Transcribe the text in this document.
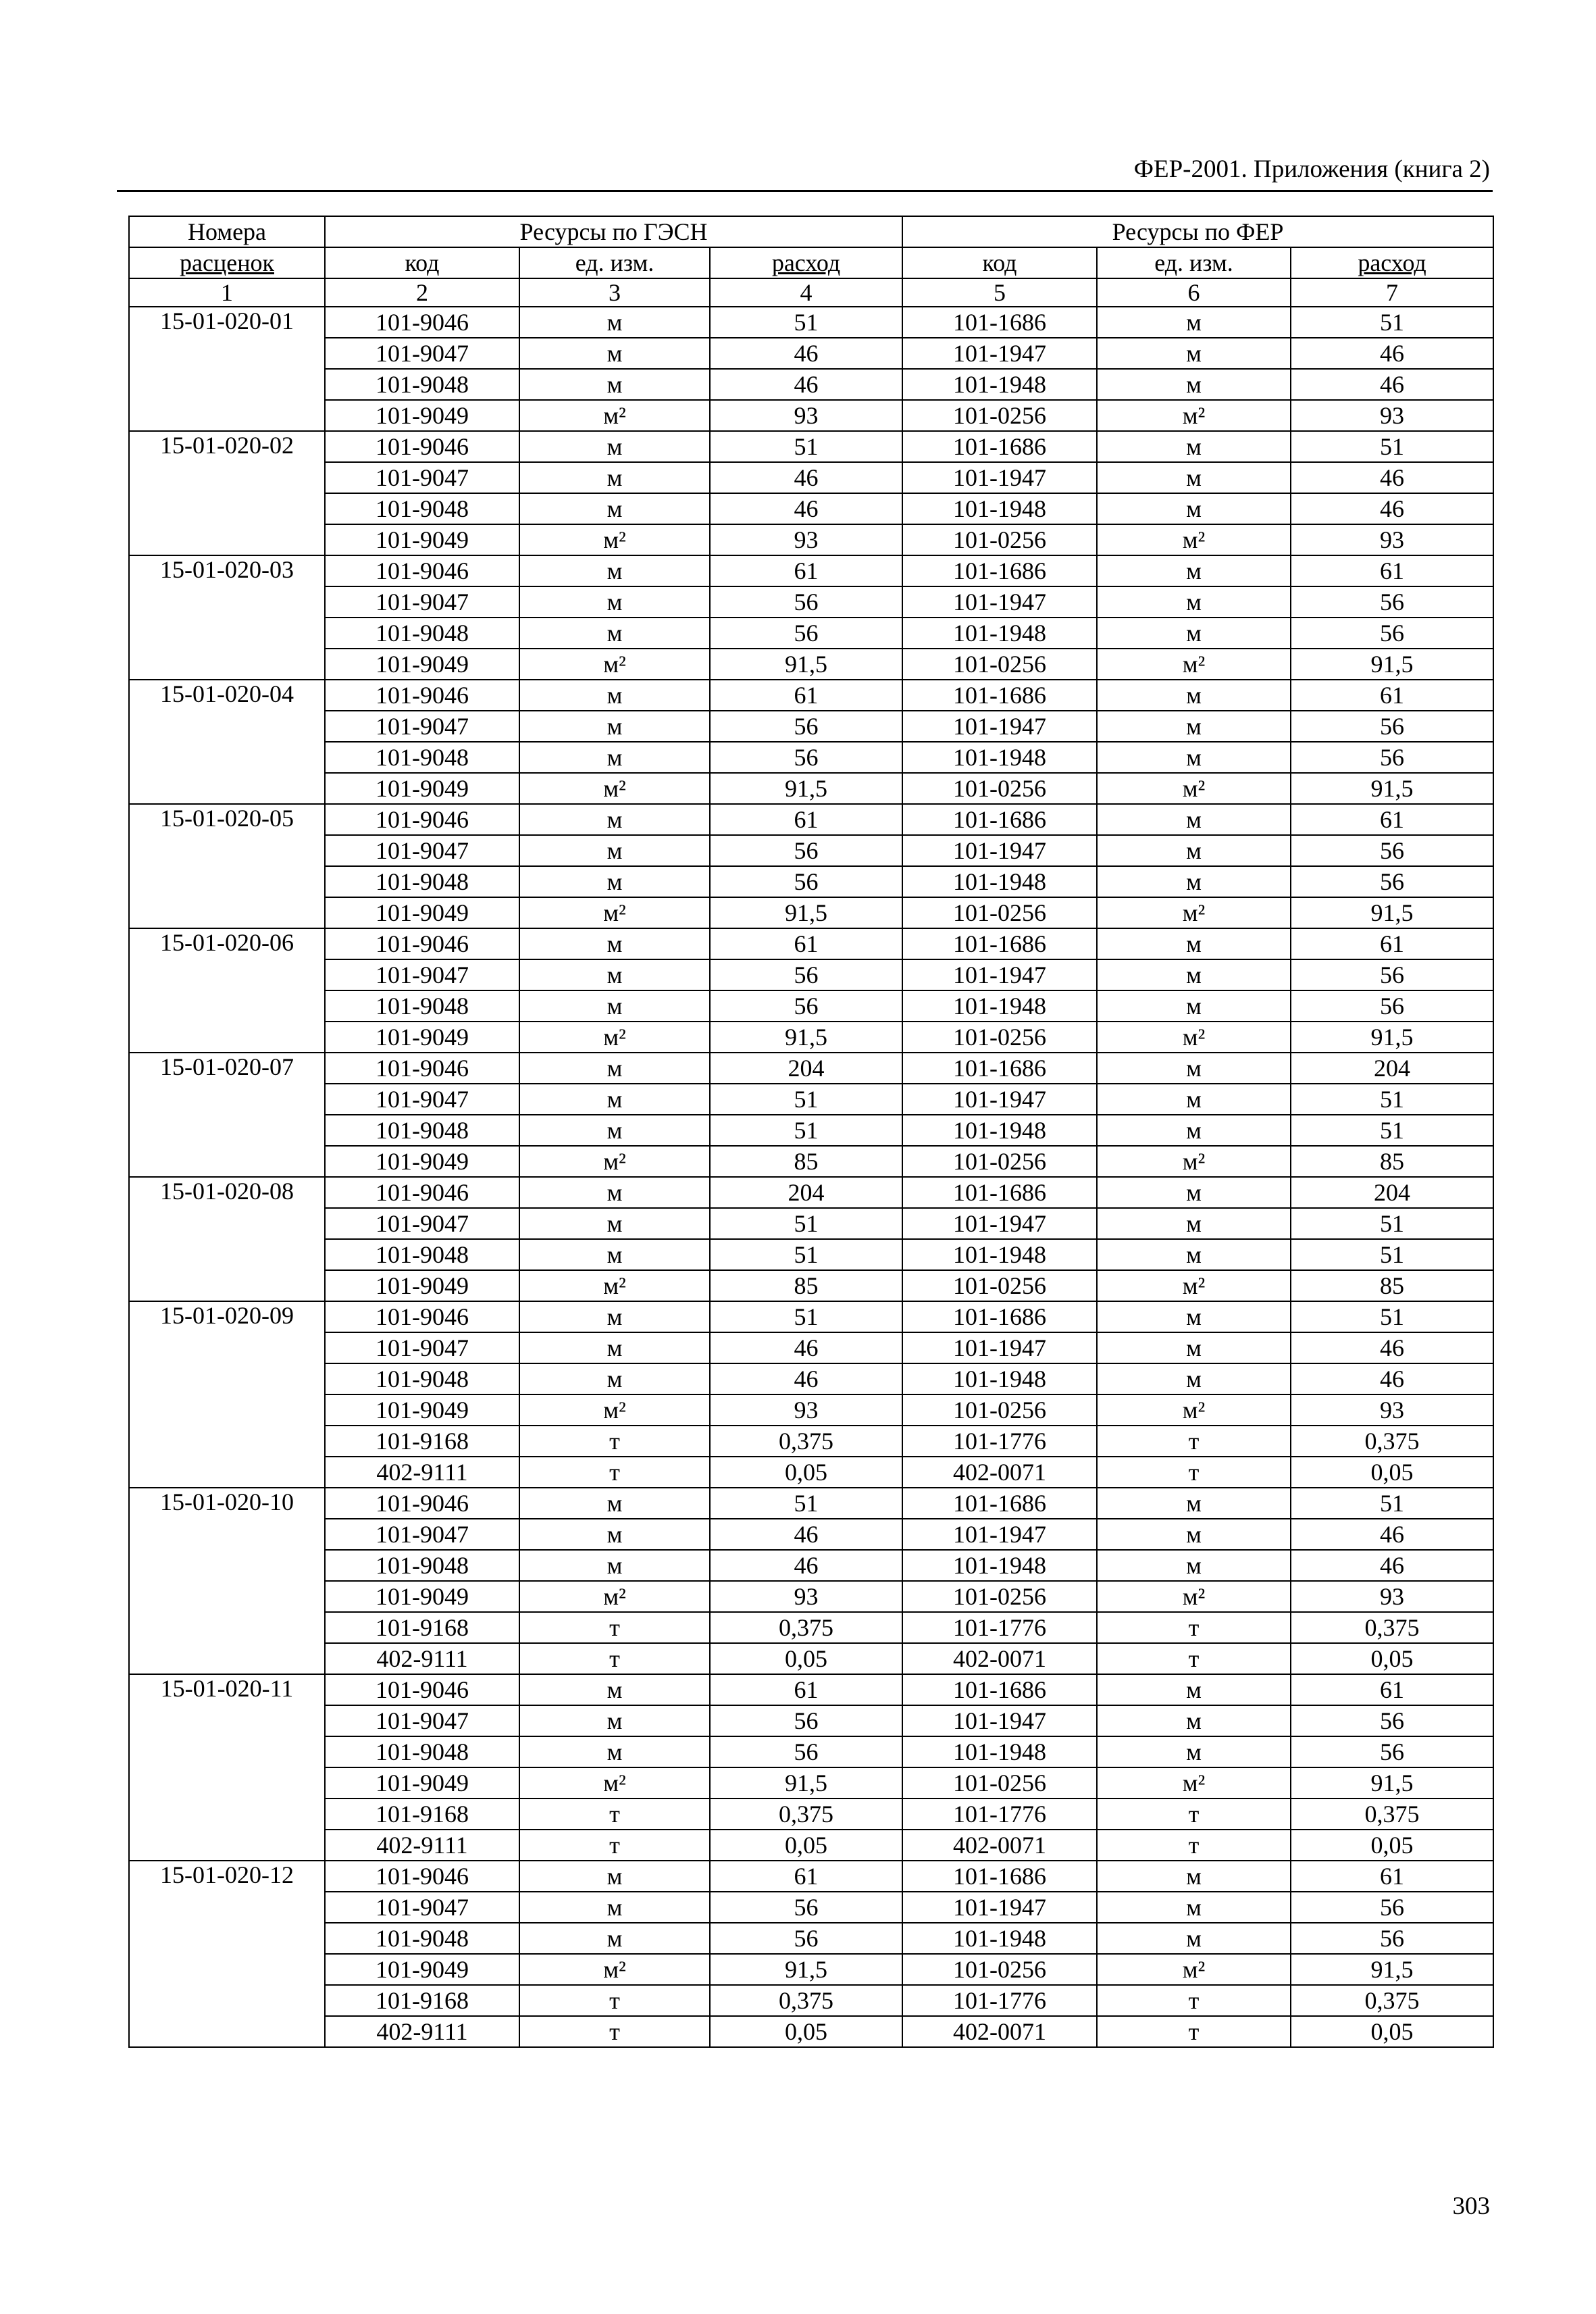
ФЕР-2001. Приложения (книга 2)
Номера	Ресурсы по ГЭСН			Ресурсы по ФЕР		
расценок	код	ед. изм.	расход	код	ед. изм.	расход
1	2	3	4	5	6	7
15-01-020-01	101-9046	м	51	101-1686	м	51
	101-9047	м	46	101-1947	м	46
	101-9048	м	46	101-1948	м	46
	101-9049	м²	93	101-0256	м²	93
15-01-020-02	101-9046	м	51	101-1686	м	51
	101-9047	м	46	101-1947	м	46
	101-9048	м	46	101-1948	м	46
	101-9049	м²	93	101-0256	м²	93
15-01-020-03	101-9046	м	61	101-1686	м	61
	101-9047	м	56	101-1947	м	56
	101-9048	м	56	101-1948	м	56
	101-9049	м²	91,5	101-0256	м²	91,5
15-01-020-04	101-9046	м	61	101-1686	м	61
	101-9047	м	56	101-1947	м	56
	101-9048	м	56	101-1948	м	56
	101-9049	м²	91,5	101-0256	м²	91,5
15-01-020-05	101-9046	м	61	101-1686	м	61
	101-9047	м	56	101-1947	м	56
	101-9048	м	56	101-1948	м	56
	101-9049	м²	91,5	101-0256	м²	91,5
15-01-020-06	101-9046	м	61	101-1686	м	61
	101-9047	м	56	101-1947	м	56
	101-9048	м	56	101-1948	м	56
	101-9049	м²	91,5	101-0256	м²	91,5
15-01-020-07	101-9046	м	204	101-1686	м	204
	101-9047	м	51	101-1947	м	51
	101-9048	м	51	101-1948	м	51
	101-9049	м²	85	101-0256	м²	85
15-01-020-08	101-9046	м	204	101-1686	м	204
	101-9047	м	51	101-1947	м	51
	101-9048	м	51	101-1948	м	51
	101-9049	м²	85	101-0256	м²	85
15-01-020-09	101-9046	м	51	101-1686	м	51
	101-9047	м	46	101-1947	м	46
	101-9048	м	46	101-1948	м	46
	101-9049	м²	93	101-0256	м²	93
	101-9168	т	0,375	101-1776	т	0,375
	402-9111	т	0,05	402-0071	т	0,05
15-01-020-10	101-9046	м	51	101-1686	м	51
	101-9047	м	46	101-1947	м	46
	101-9048	м	46	101-1948	м	46
	101-9049	м²	93	101-0256	м²	93
	101-9168	т	0,375	101-1776	т	0,375
	402-9111	т	0,05	402-0071	т	0,05
15-01-020-11	101-9046	м	61	101-1686	м	61
	101-9047	м	56	101-1947	м	56
	101-9048	м	56	101-1948	м	56
	101-9049	м²	91,5	101-0256	м²	91,5
	101-9168	т	0,375	101-1776	т	0,375
	402-9111	т	0,05	402-0071	т	0,05
15-01-020-12	101-9046	м	61	101-1686	м	61
	101-9047	м	56	101-1947	м	56
	101-9048	м	56	101-1948	м	56
	101-9049	м²	91,5	101-0256	м²	91,5
	101-9168	т	0,375	101-1776	т	0,375
	402-9111	т	0,05	402-0071	т	0,05
303
